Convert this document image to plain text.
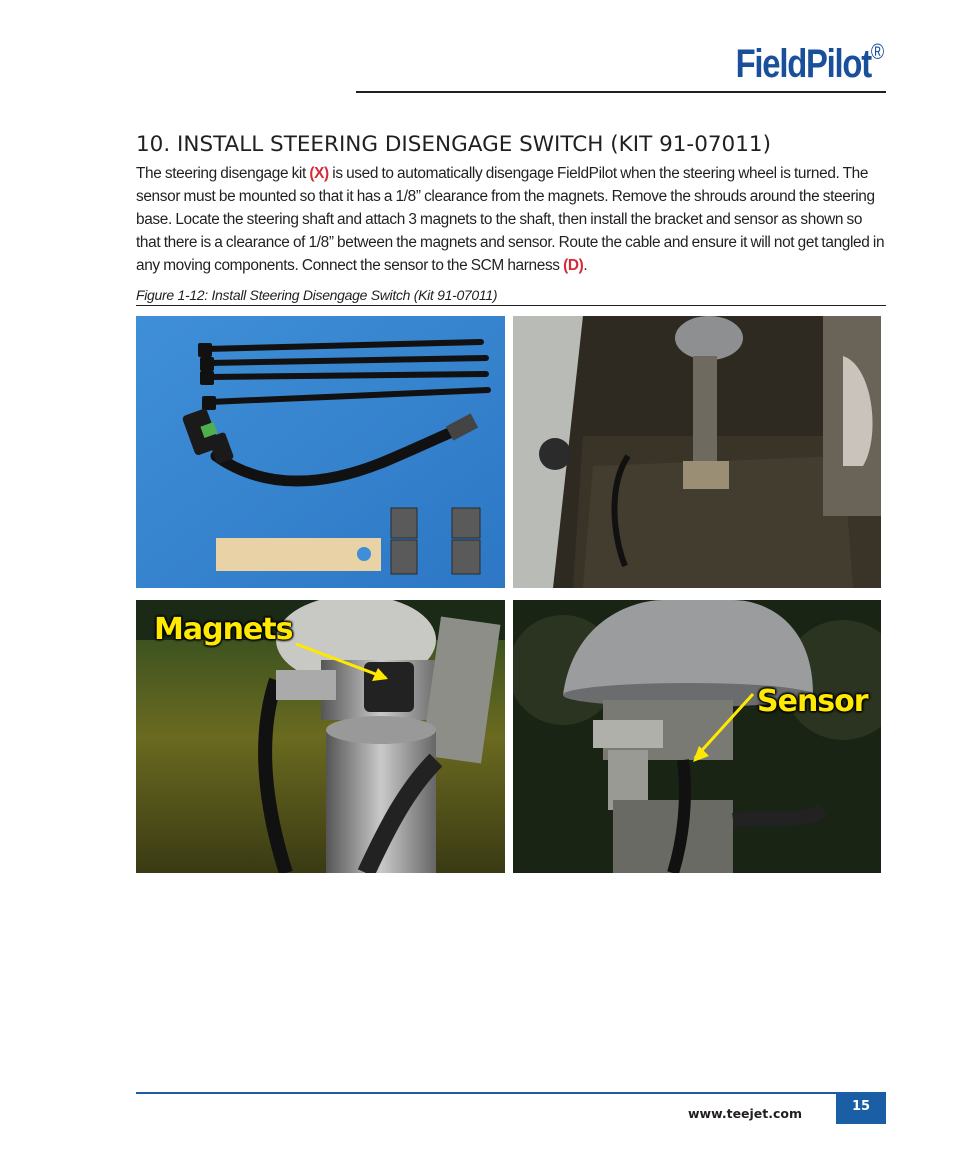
FieldPilot®
10. INSTALL STEERING DISENGAGE SWITCH (KIT 91-07011)

The steering disengage kit (X) is used to automatically disengage FieldPilot when the steering wheel is turned. The sensor must be mounted so that it has a 1/8” clearance from the magnets. Remove the shrouds around the steering base. Locate the steering shaft and attach 3 magnets to the shaft, then install the bracket and sensor as shown so that there is a clearance of 1/8” between the magnets and sensor. Route the cable and ensure it will not get tangled in any moving components. Connect the sensor to the SCM harness (D).

Figure 1-12: Install Steering Disengage Switch (Kit 91-07011)
Magnets
Sensor
www.teejet.com	15
